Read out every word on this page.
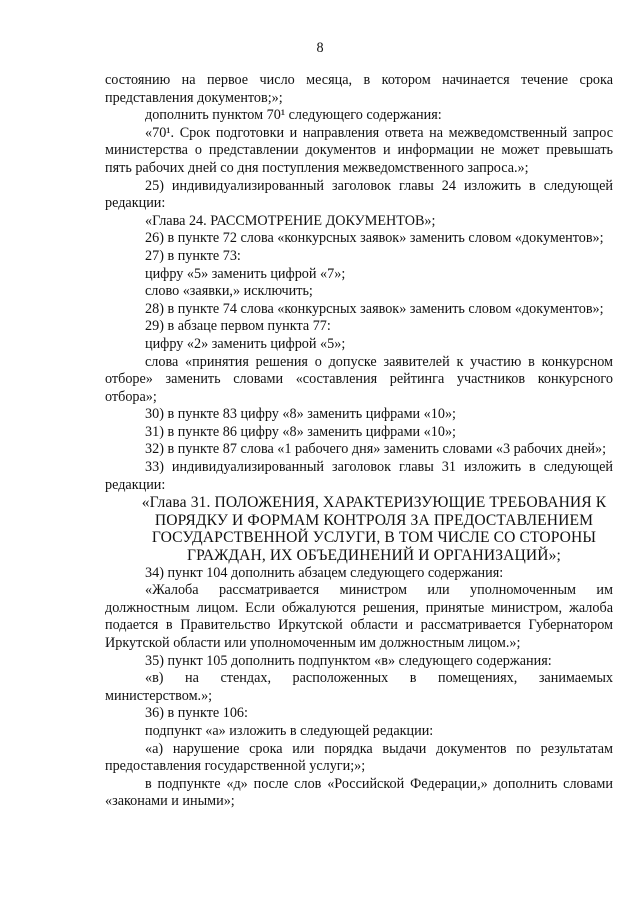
8

состоянию на первое число месяца, в котором начинается течение срока представления документов;»;

дополнить пунктом 70¹ следующего содержания:

«70¹. Срок подготовки и направления ответа на межведомственный запрос министерства о представлении документов и информации не может превышать пять рабочих дней со дня поступления межведомственного запроса.»;

25) индивидуализированный заголовок главы 24 изложить в следующей редакции:

«Глава 24. РАССМОТРЕНИЕ ДОКУМЕНТОВ»;

26) в пункте 72 слова «конкурсных заявок» заменить словом «документов»;

27) в пункте 73:

цифру «5» заменить цифрой «7»;

слово «заявки,» исключить;

28) в пункте 74 слова «конкурсных заявок» заменить словом «документов»;

29) в абзаце первом пункта 77:

цифру «2» заменить цифрой «5»;

слова «принятия решения о допуске заявителей к участию в конкурсном отборе» заменить словами «составления рейтинга участников конкурсного отбора»;

30) в пункте 83 цифру «8» заменить цифрами «10»;

31) в пункте 86 цифру «8» заменить цифрами «10»;

32) в пункте 87 слова «1 рабочего дня» заменить словами «3 рабочих дней»;

33) индивидуализированный заголовок главы 31 изложить в следующей редакции:

«Глава 31. ПОЛОЖЕНИЯ, ХАРАКТЕРИЗУЮЩИЕ ТРЕБОВАНИЯ К ПОРЯДКУ И ФОРМАМ КОНТРОЛЯ ЗА ПРЕДОСТАВЛЕНИЕМ ГОСУДАРСТВЕННОЙ УСЛУГИ, В ТОМ ЧИСЛЕ СО СТОРОНЫ ГРАЖДАН, ИХ ОБЪЕДИНЕНИЙ И ОРГАНИЗАЦИЙ»;

34) пункт 104 дополнить абзацем следующего содержания:

«Жалоба рассматривается министром или уполномоченным им должностным лицом. Если обжалуются решения, принятые министром, жалоба подается в Правительство Иркутской области и рассматривается Губернатором Иркутской области или уполномоченным им должностным лицом.»;

35) пункт 105 дополнить подпунктом «в» следующего содержания:

«в) на стендах, расположенных в помещениях, занимаемых министерством.»;

36) в пункте 106:

подпункт «а» изложить в следующей редакции:

«а) нарушение срока или порядка выдачи документов по результатам предоставления государственной услуги;»;

в подпункте «д» после слов «Российской Федерации,» дополнить словами «законами и иными»;
